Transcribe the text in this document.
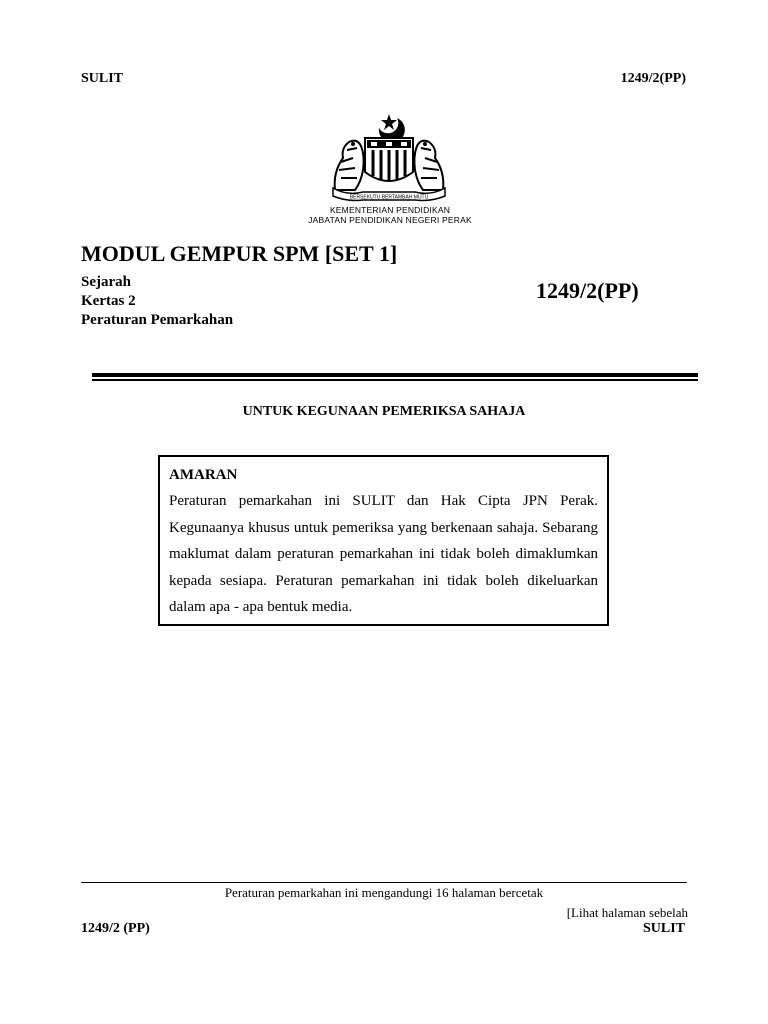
SULIT	1249/2(PP)
BERSEKUTU BERTAMBAH MUTU
KEMENTERIAN PENDIDIKAN
JABATAN PENDIDIKAN NEGERI PERAK
MODUL GEMPUR SPM [SET 1]
Sejarah
Kertas 2
Peraturan Pemarkahan
1249/2(PP)
UNTUK KEGUNAAN PEMERIKSA SAHAJA
AMARAN
Peraturan pemarkahan ini SULIT dan Hak Cipta JPN Perak. Kegunaanya khusus untuk pemeriksa yang berkenaan sahaja. Sebarang maklumat dalam peraturan pemarkahan ini tidak boleh dimaklumkan kepada sesiapa. Peraturan pemarkahan ini tidak boleh dikeluarkan dalam apa - apa bentuk media.
Peraturan pemarkahan ini mengandungi 16 halaman bercetak
[Lihat halaman sebelah
1249/2 (PP)	SULIT
